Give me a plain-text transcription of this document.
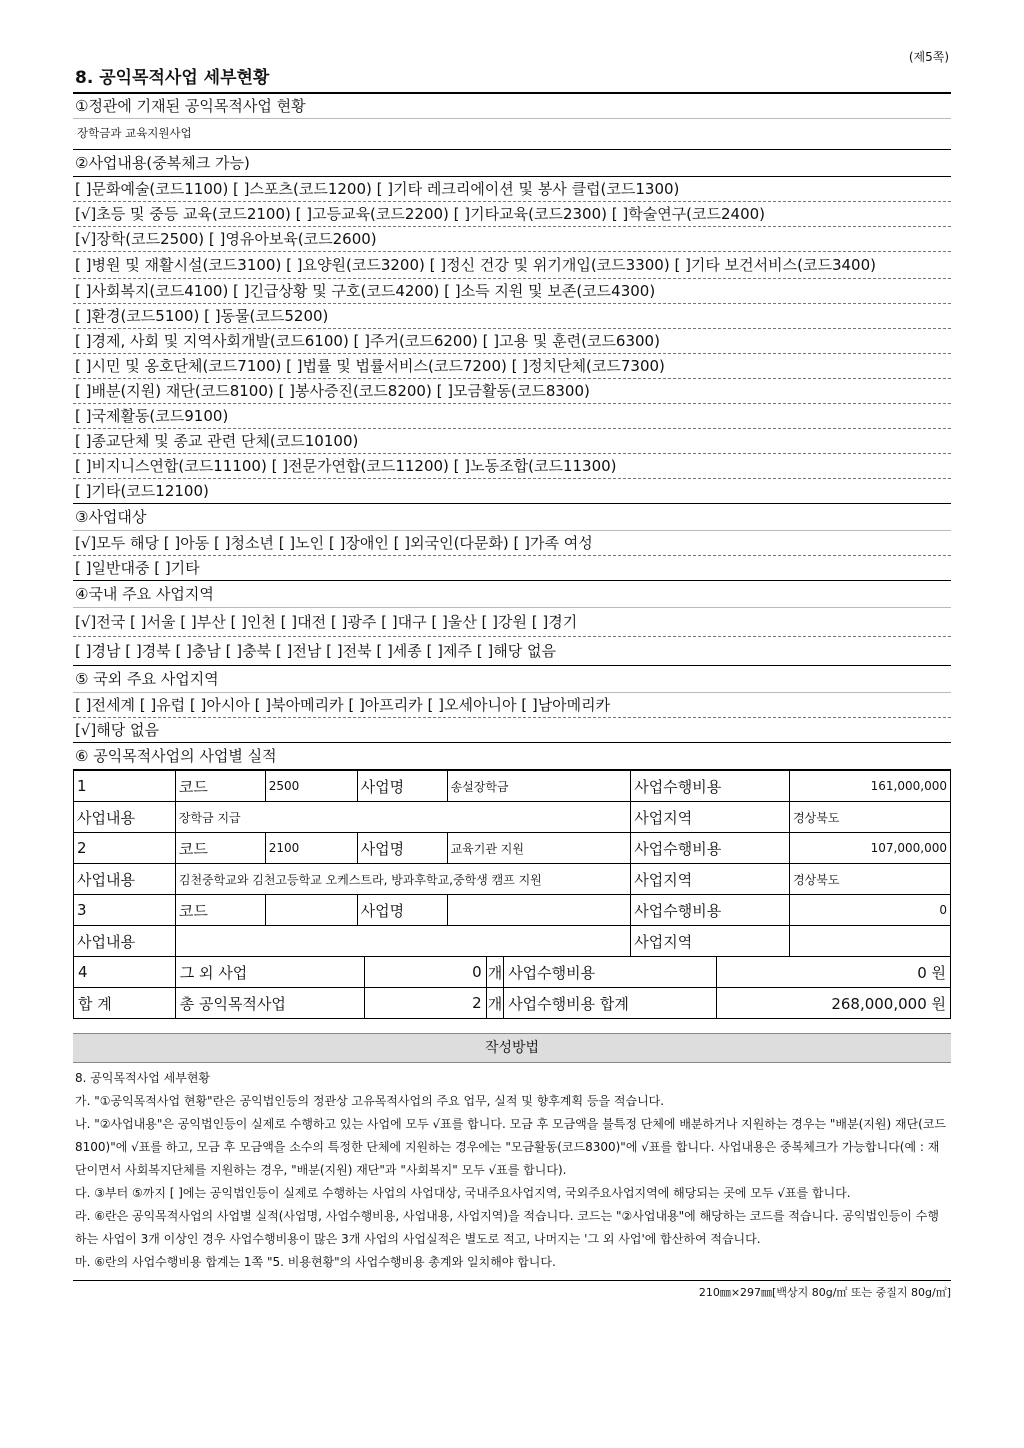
(제5쪽)
8. 공익목적사업 세부현황
①정관에 기재된 공익목적사업 현황
장학금과 교육지원사업
②사업내용(중복체크 가능)
[ ]문화예술(코드1100) [ ]스포츠(코드1200) [ ]기타 레크리에이션 및 봉사 클럽(코드1300)
[√]초등 및 중등 교육(코드2100) [ ]고등교육(코드2200) [ ]기타교육(코드2300) [ ]학술연구(코드2400)
[√]장학(코드2500) [ ]영유아보육(코드2600)
[ ]병원 및 재활시설(코드3100) [ ]요양원(코드3200) [ ]정신 건강 및 위기개입(코드3300) [ ]기타 보건서비스(코드3400)
[ ]사회복지(코드4100) [ ]긴급상황 및 구호(코드4200) [ ]소득 지원 및 보존(코드4300)
[ ]환경(코드5100) [ ]동물(코드5200)
[ ]경제, 사회 및 지역사회개발(코드6100) [ ]주거(코드6200) [ ]고용 및 훈련(코드6300)
[ ]시민 및 옹호단체(코드7100) [ ]법률 및 법률서비스(코드7200) [ ]정치단체(코드7300)
[ ]배분(지원) 재단(코드8100) [ ]봉사증진(코드8200) [ ]모금활동(코드8300)
[ ]국제활동(코드9100)
[ ]종교단체 및 종교 관련 단체(코드10100)
[ ]비지니스연합(코드11100) [ ]전문가연합(코드11200) [ ]노동조합(코드11300)
[ ]기타(코드12100)
③사업대상
[√]모두 해당 [ ]아동 [ ]청소년 [ ]노인 [ ]장애인 [ ]외국인(다문화) [ ]가족 여성
[ ]일반대중 [ ]기타
④국내 주요 사업지역
[√]전국 [ ]서울 [ ]부산 [ ]인천 [ ]대전 [ ]광주 [ ]대구 [ ]울산 [ ]강원 [ ]경기
[ ]경남 [ ]경북 [ ]충남 [ ]충북 [ ]전남 [ ]전북 [ ]세종 [ ]제주 [ ]해당 없음
⑤ 국외 주요 사업지역
[ ]전세계 [ ]유럽 [ ]아시아 [ ]북아메리카 [ ]아프리카 [ ]오세아니아 [ ]남아메리카
[√]해당 없음
⑥ 공익목적사업의 사업별 실적
1	코드	2500	사업명	송설장학금	사업수행비용	161,000,000
사업내용	장학금 지급				사업지역	경상북도
2	코드	2100	사업명	교육기관 지원	사업수행비용	107,000,000
사업내용	김천중학교와 김천고등학교 오케스트라, 방과후학교,중학생 캠프 지원				사업지역	경상북도
3	코드		사업명		사업수행비용	0
사업내용					사업지역	
4	그 외 사업	0	개	사업수행비용	0 원
합 계	총 공익목적사업	2	개	사업수행비용 합계	268,000,000 원
작성방법

8. 공익목적사업 세부현황

가. "①공익목적사업 현황"란은 공익법인등의 정관상 고유목적사업의 주요 업무, 실적 및 향후계획 등을 적습니다.

나. "②사업내용"은 공익법인등이 실제로 수행하고 있는 사업에 모두 √표를 합니다. 모금 후 모금액을 불특정 단체에 배분하거나 지원하는 경우는 "배분(지원) 재단(코드8100)"에 √표를 하고, 모금 후 모금액을 소수의 특정한 단체에 지원하는 경우에는 "모금활동(코드8300)"에 √표를 합니다. 사업내용은 중복체크가 가능합니다(예 : 재단이면서 사회복지단체를 지원하는 경우, "배분(지원) 재단"과 "사회복지" 모두 √표를 합니다).

다. ③부터 ⑤까지 [ ]에는 공익법인등이 실제로 수행하는 사업의 사업대상, 국내주요사업지역, 국외주요사업지역에 해당되는 곳에 모두 √표를 합니다.

라. ⑥란은 공익목적사업의 사업별 실적(사업명, 사업수행비용, 사업내용, 사업지역)을 적습니다. 코드는 "②사업내용"에 해당하는 코드를 적습니다. 공익법인등이 수행하는 사업이 3개 이상인 경우 사업수행비용이 많은 3개 사업의 사업실적은 별도로 적고, 나머지는 '그 외 사업'에 합산하여 적습니다.

마. ⑥란의 사업수행비용 합계는 1쪽 "5. 비용현황"의 사업수행비용 총계와 일치해야 합니다.

210㎜×297㎜[백상지 80g/㎡ 또는 중질지 80g/㎡]
